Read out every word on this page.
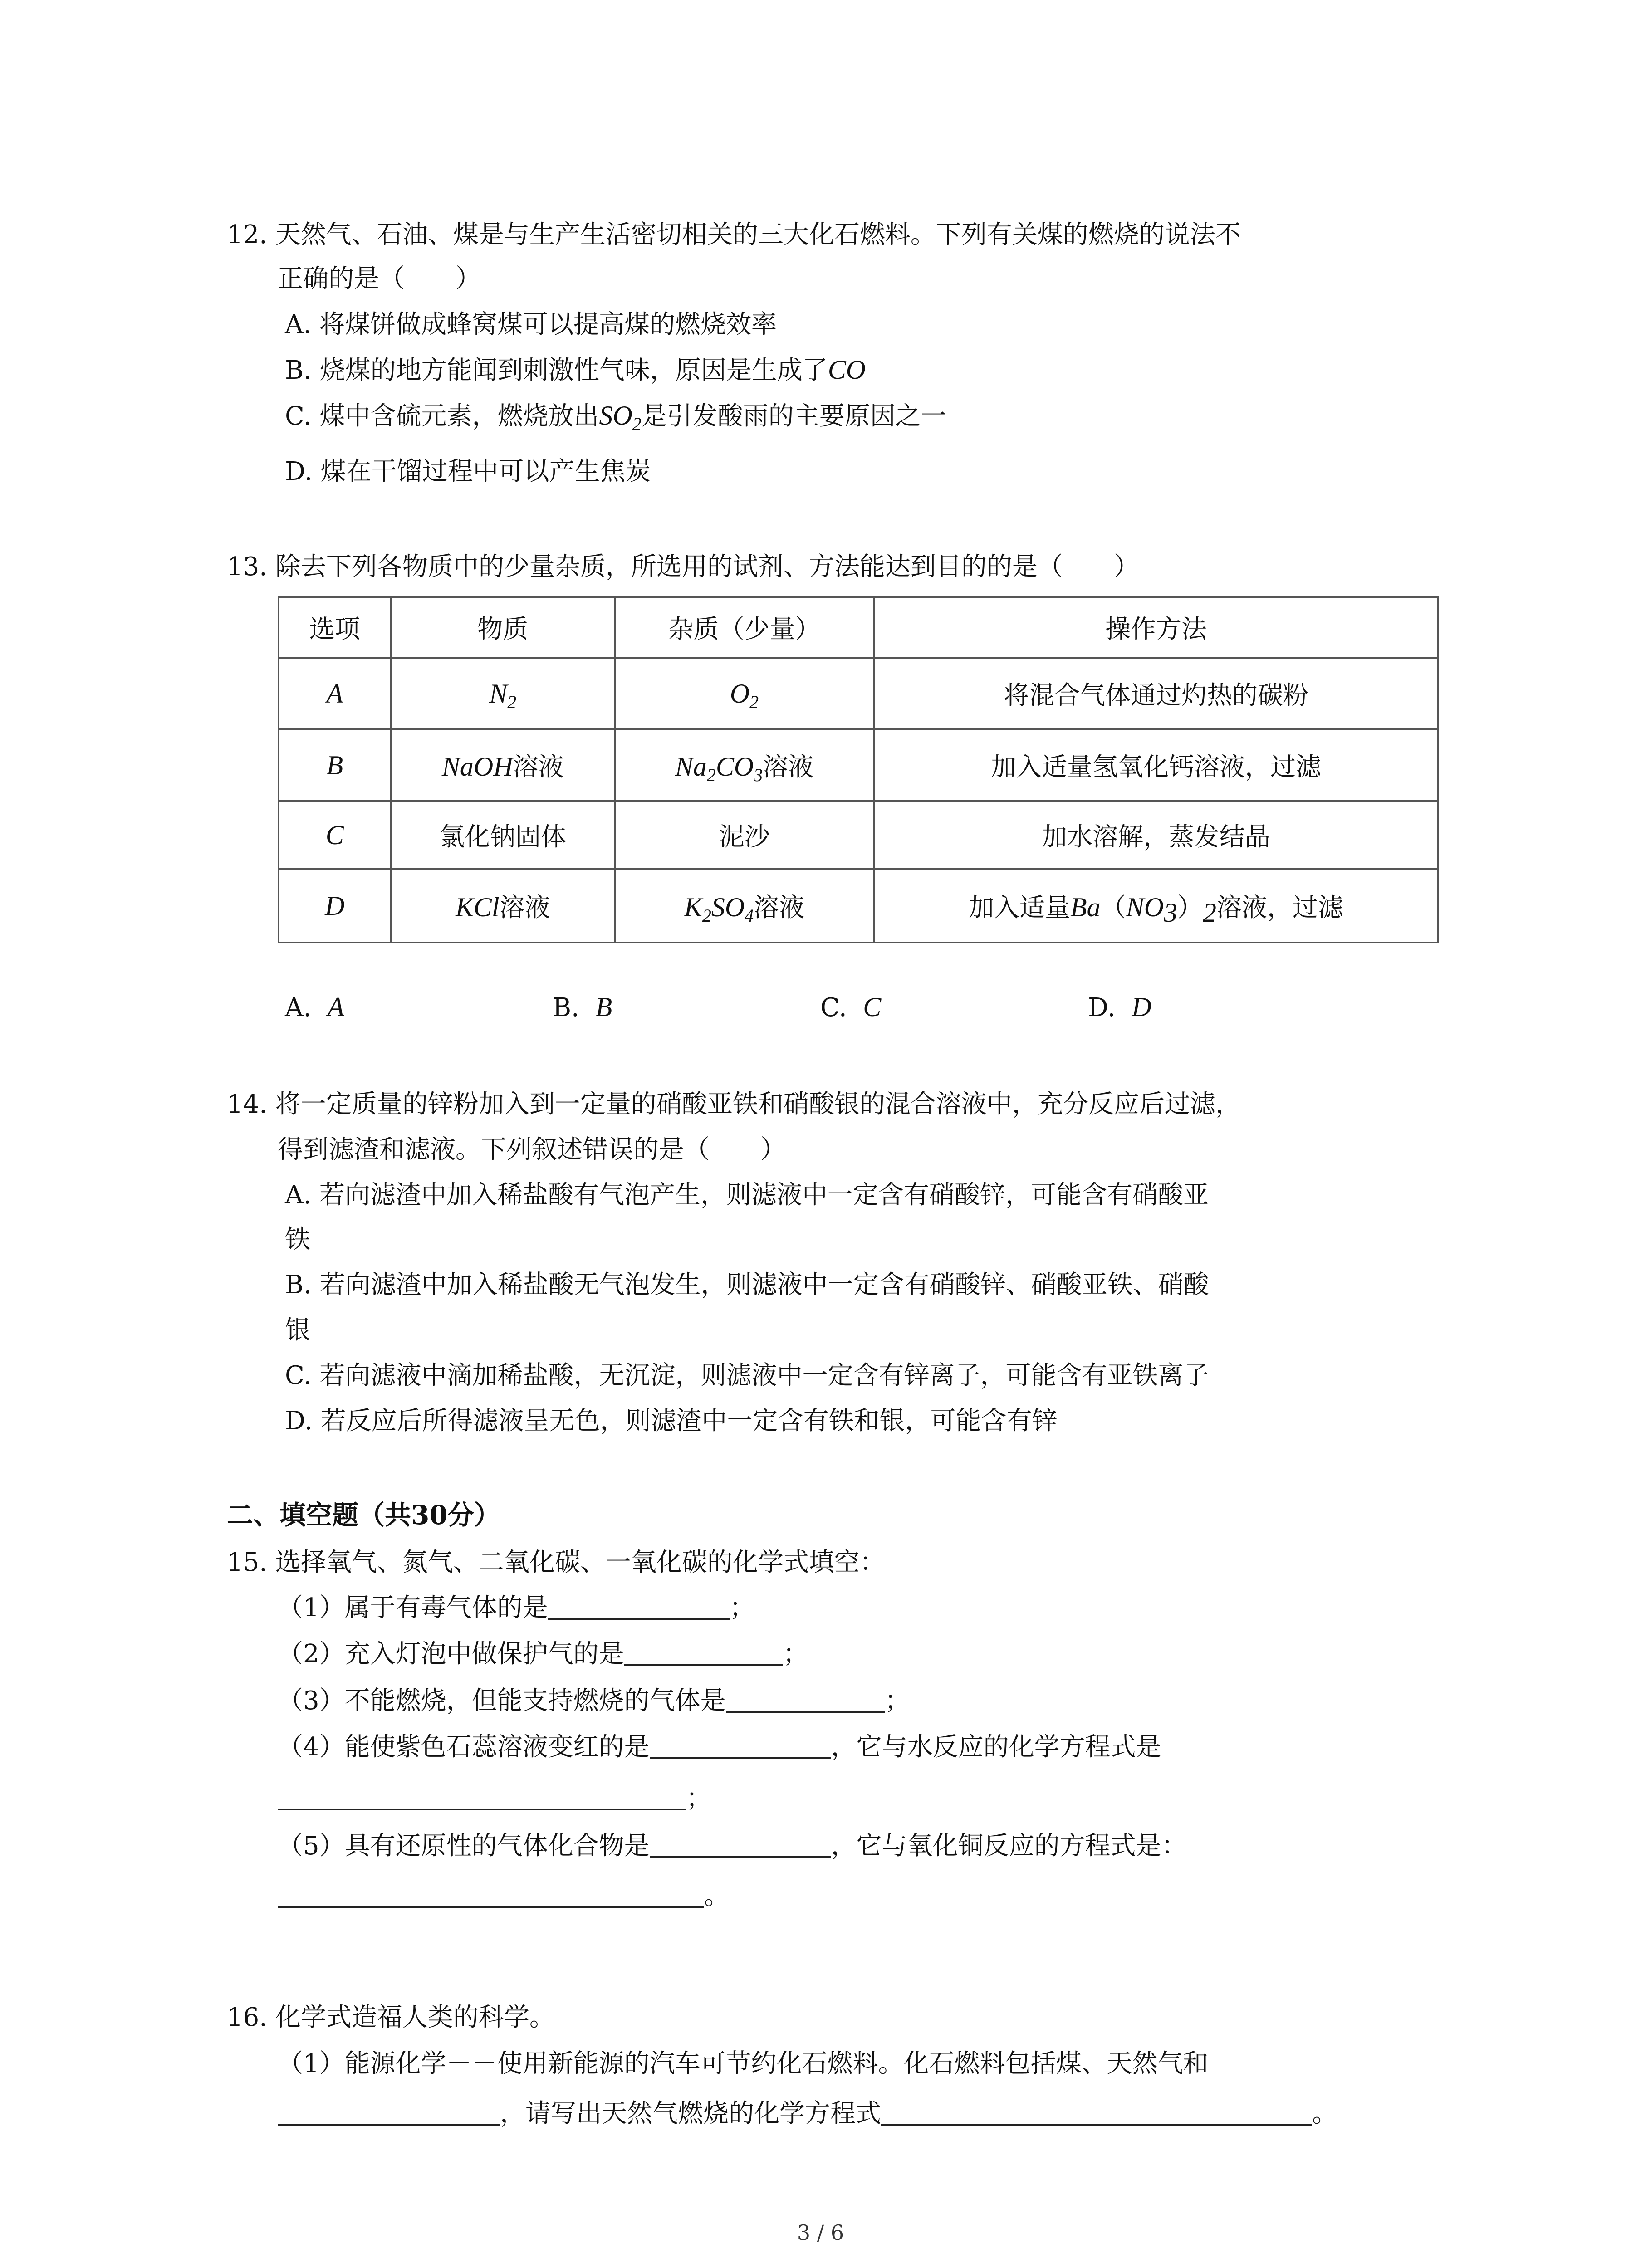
12. 天然气、石油、煤是与生产生活密切相关的三大化石燃料。下列有关煤的燃烧的说法不
正确的是（　　）
A. 将煤饼做成蜂窝煤可以提高煤的燃烧效率
B. 烧煤的地方能闻到刺激性气味，原因是生成了CO
C. 煤中含硫元素，燃烧放出$SO_2$是引发酸雨的主要原因之一
D. 煤在干馏过程中可以产生焦炭
13. 除去下列各物质中的少量杂质，所选用的试剂、方法能达到目的的是（　　）
选项	物质	杂质（少量）	操作方法
A	$N_2$	$O_2$	将混合气体通过灼热的碳粉
B	NaOH溶液	$Na_2CO_3$溶液	加入适量氢氧化钙溶液，过滤
C	氯化钠固体	泥沙	加水溶解，蒸发结晶
D	KCl溶液	$K_2SO_4$溶液	加入适量$Ba(NO_3)_2$溶液，过滤
A. A	B. B	C. C	D. D
14. 将一定质量的锌粉加入到一定量的硝酸亚铁和硝酸银的混合溶液中，充分反应后过滤，
得到滤渣和滤液。下列叙述错误的是（　　）
A. 若向滤渣中加入稀盐酸有气泡产生，则滤液中一定含有硝酸锌，可能含有硝酸亚
铁
B. 若向滤渣中加入稀盐酸无气泡发生，则滤液中一定含有硝酸锌、硝酸亚铁、硝酸
银
C. 若向滤液中滴加稀盐酸，无沉淀，则滤液中一定含有锌离子，可能含有亚铁离子
D. 若反应后所得滤液呈无色，则滤渣中一定含有铁和银，可能含有锌
二、填空题（共30分）
15. 选择氧气、氮气、二氧化碳、一氧化碳的化学式填空：
（1）属于有毒气体的是	；
（2）充入灯泡中做保护气的是	；
（3）不能燃烧，但能支持燃烧的气体是	；
（4）能使紫色石蕊溶液变红的是	，它与水反应的化学方程式是
；
（5）具有还原性的气体化合物是	，它与氧化铜反应的方程式是：
。
16. 化学式造福人类的科学。
（1）能源化学－－使用新能源的汽车可节约化石燃料。化石燃料包括煤、天然气和
，请写出天然气燃烧的化学方程式	。
3 / 6
